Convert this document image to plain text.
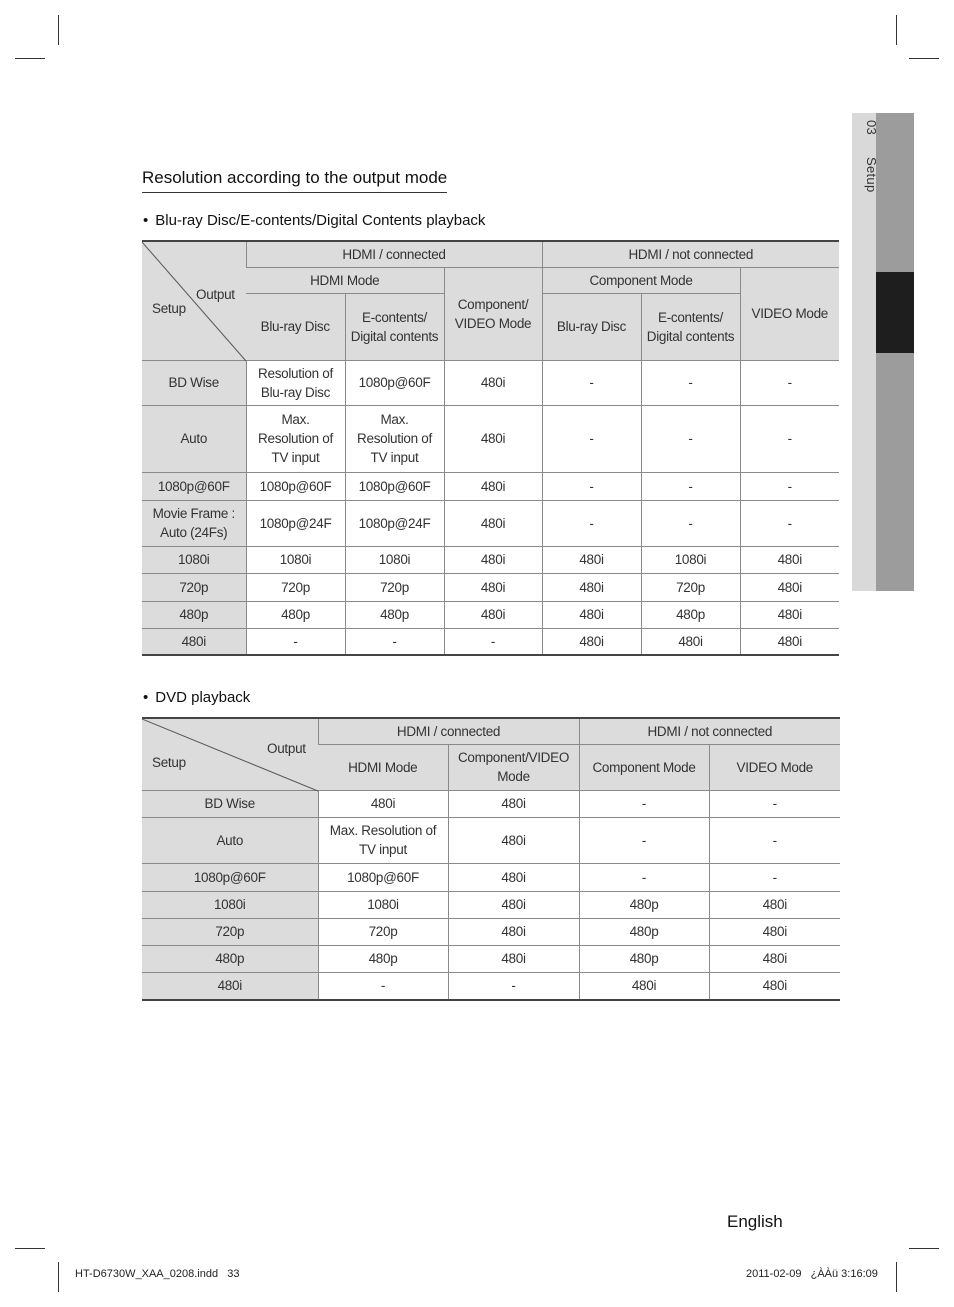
03 Setup
Resolution according to the output mode
• Blu-ray Disc/E-contents/Digital Contents playback
Output
Setup	HDMI / connected			HDMI / not connected		
	HDMI Mode		Component/ VIDEO Mode	Component Mode		VIDEO Mode
	Blu-ray Disc	E-contents/ Digital contents		Blu-ray Disc	E-contents/ Digital contents	
BD Wise	Resolution of Blu-ray Disc	1080p@60F	480i	-	-	-
Auto	Max. Resolution of TV input	Max. Resolution of TV input	480i	-	-	-
1080p@60F	1080p@60F	1080p@60F	480i	-	-	-
Movie Frame : Auto (24Fs)	1080p@24F	1080p@24F	480i	-	-	-
1080i	1080i	1080i	480i	480i	1080i	480i
720p	720p	720p	480i	480i	720p	480i
480p	480p	480p	480i	480i	480p	480i
480i	-	-	-	480i	480i	480i
• DVD playback
Output
Setup	HDMI / connected		HDMI / not connected	
	HDMI Mode	Component/VIDEO Mode	Component Mode	VIDEO Mode
BD Wise	480i	480i	-	-
Auto	Max. Resolution of TV input	480i	-	-
1080p@60F	1080p@60F	480i	-	-
1080i	1080i	480i	480p	480i
720p	720p	480i	480p	480i
480p	480p	480i	480p	480i
480i	-	-	480i	480i
English
HT-D6730W_XAA_0208.indd   33	2011-02-09   ¿ÀÀü 3:16:09
